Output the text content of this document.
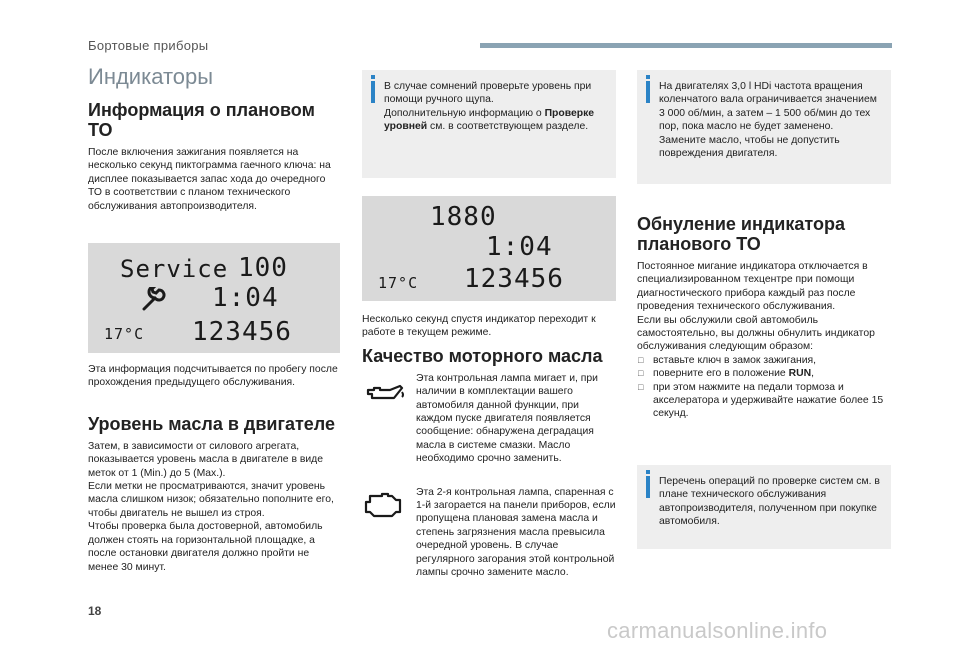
Бортовые приборы
Индикаторы
Информация о плановом ТО

После включения зажигания появляется на несколько секунд пиктограмма гаечного ключа: на дисплее показывается запас хода до очередного ТО в соответствии с планом технического обслуживания автопроизводителя.

Service 100
1:04
17°C 123456

Эта информация подсчитывается по пробегу после прохождения предыдущего обслуживания.

Уровень масла в двигателе

Затем, в зависимости от силового агрегата, показывается уровень масла в двигателе в виде меток от 1 (Min.) до 5 (Max.).
Если метки не просматриваются, значит уровень масла слишком низок; обязательно пополните его, чтобы двигатель не вышел из строя.
Чтобы проверка была достоверной, автомобиль должен стоять на горизонтальной площадке, а после остановки двигателя должно пройти не менее 30 минут.

В случае сомнений проверьте уровень при помощи ручного щупа.

Дополнительную информацию о Проверке уровней см. в соответствующем разделе.

1880
1:04
17°C 123456

Несколько секунд спустя индикатор переходит к работе в текущем режиме.

Качество моторного масла

Эта контрольная лампа мигает и, при наличии в комплектации вашего автомобиля данной функции, при каждом пуске двигателя появляется сообщение: обнаружена деградация масла в системе смазки. Масло необходимо срочно заменить.

Эта 2-я контрольная лампа, спаренная с 1-й загорается на панели приборов, если пропущена плановая замена масла и степень загрязнения масла превысила очередной уровень. В случае регулярного загорания этой контрольной лампы срочно замените масло.

На двигателях 3,0 l HDi частота вращения коленчатого вала ограничивается значением 3 000 об/мин, а затем – 1 500 об/мин до тех пор, пока масло не будет заменено. Замените масло, чтобы не допустить повреждения двигателя.

Обнуление индикатора планового ТО

Постоянное мигание индикатора отключается в специализированном техцентре при помощи диагностического прибора каждый раз после проведения технического обслуживания.
Если вы обслужили свой автомобиль самостоятельно, вы должны обнулить индикатор обслуживания следующим образом:

□ вставьте ключ в замок зажигания,
□ поверните его в положение RUN,
□ при этом нажмите на педали тормоза и акселератора и удерживайте нажатие более 15 секунд.

Перечень операций по проверке систем см. в плане технического обслуживания автопроизводителя, полученном при покупке автомобиля.

18
carmanualsonline.info
